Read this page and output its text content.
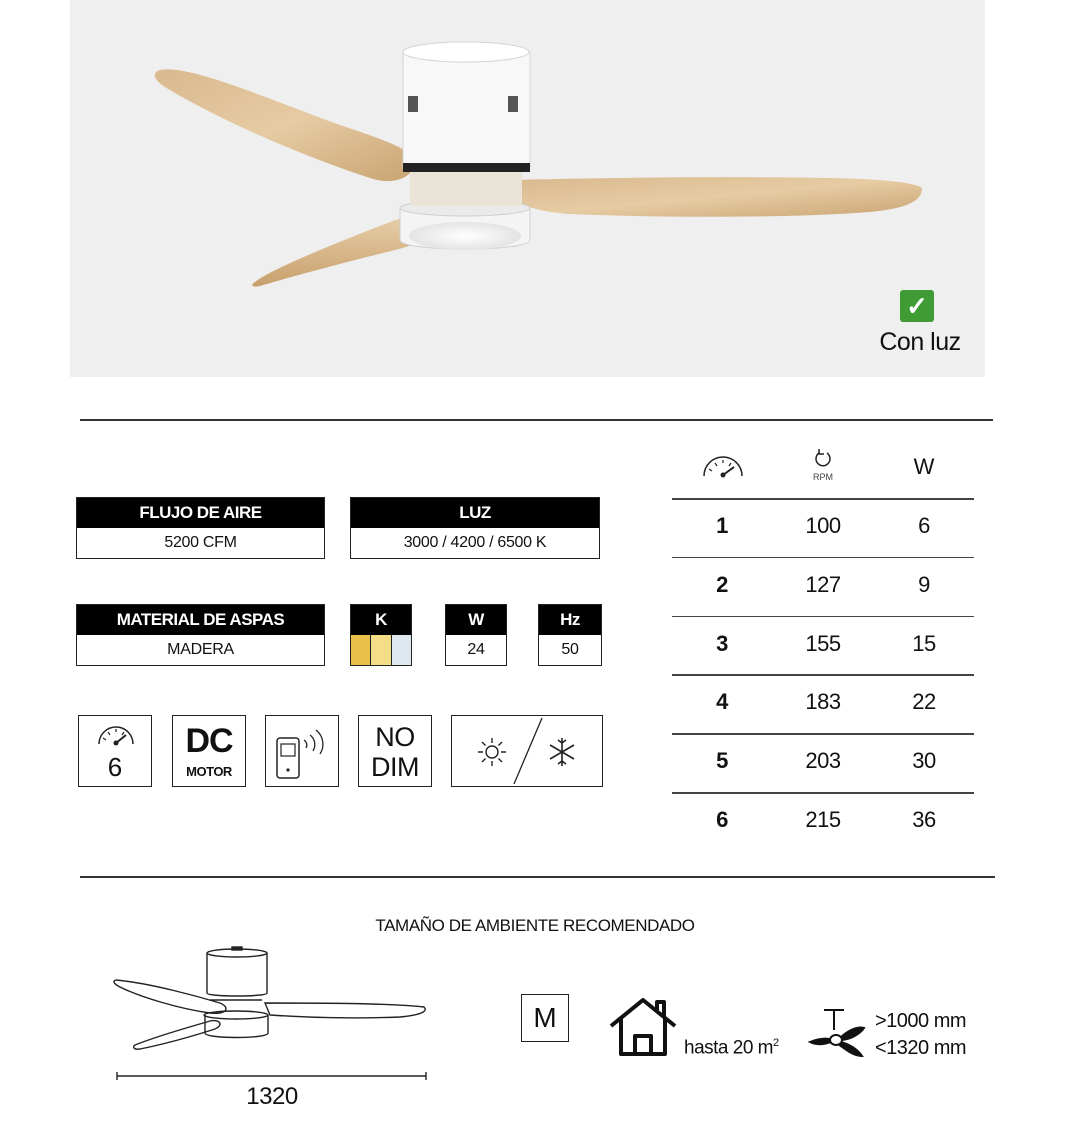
✓
Con luz
FLUJO DE AIRE
5200 CFM
LUZ
3000 / 4200 / 6500 K
MATERIAL DE ASPAS
MADERA
K	W
24
Hz
50
6
DC
MOTOR
NO
DIM
RPM	W
1	100	6
2	127	9
3	155	15
4	183	22
5	203	30
6	215	36
TAMAÑO DE AMBIENTE RECOMENDADO
1320
M
hasta 20 $m^2$
>1000 mm
<1320 mm
